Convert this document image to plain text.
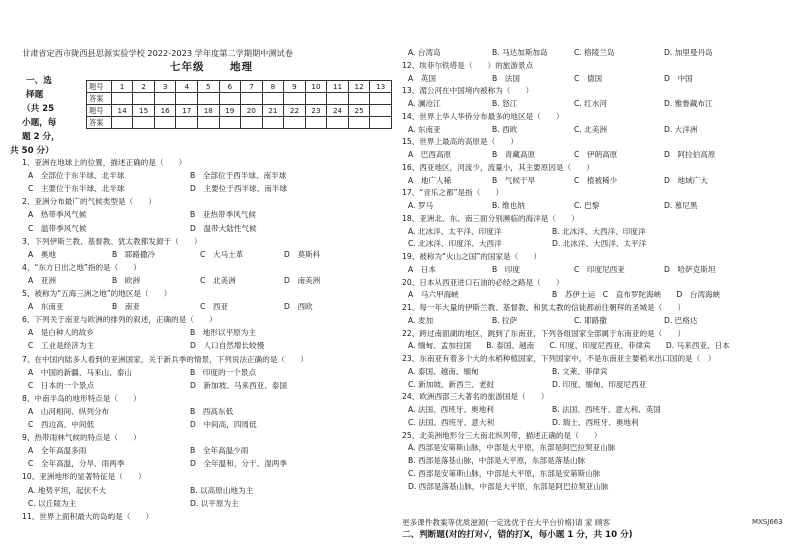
甘肃省定西市陇西县思源实验学校 2022-2023 学年度第二学期期中测试卷
七年级 地理
一、选
择题
（共 25
小题，每
题 2 分，
共 50 分）
题号	1	2	3	4	5	6	7	8	9	10	11	12	13
答案													
题号	14	15	16	17	18	19	20	21	22	23	24	25	
答案													
1、亚洲在地球上的位置，描述正确的是（　　）
A　全部位于东半球、北半球	B　全部位于西半球、南半球
C　主要位于东半球、北半球	D　主要位于西半球、南半球
2、亚洲分布最广的气候类型是（　　）
A　热带季风气候	B　亚热带季风气候
C　温带季风气候	D　温带大陆性气候
3、下列伊斯兰教、基督教、犹太教都发源于（　　）
A　奥地	B　耶路撒冷	C　大马士革	D　莫斯科
4、“东方日出之地”指的是（　　）
A　亚洲	B　欧洲	C　北美洲	D　南美洲
5、被称为“五海三洲之地”的地区是（　　）
A　东南亚	B　南亚	C　西亚	D　西欧
6、下列关于南亚与欧洲的排列的叙述，正确的是（　　）
A　是白种人的故乡	B　地形以平原为主
C　工业是经济为主	D　人口自然增长较慢
7、在中国内陆多人看到的亚洲国家，关于新兵季的情景，下列说法正确的是（　　）
A　中国的新疆、马来山、泰山	B　印度的一个景点
C　日本的一个景点	D　新加坡、马来西亚、泰国
8、中南半岛的地形特点是（　　）
A　山河相间、纵列分布	B　西高东低
C　西边高、中间低	D　中间高，四周低
9、热带雨林气候的特点是（　　）
A　全年高温多雨	B　全年高温少雨
C　全年高温，分旱、雨两季	D　全年温和，分干、湿两季
10、亚洲地形的显著特征是（　　）
A. 地势平坦，起伏不大	B. 以高原山地为主
C. 以丘陵为主	D. 以平原为主
11、世界上面积最大的岛屿是（　　）
A. 台湾岛	B. 马达加斯加岛	C. 格陵兰岛	D. 加里曼丹岛
12、埃菲尔铁塔是（　　）的旅游景点
A　英国	B　法国	C　德国	D　中国
13、湄公河在中国境内被称为（　　）
A. 澜沧江	B. 怒江	C. 红水河	D. 雅鲁藏布江
14、世界上华人华侨分布最多的地区是（　　）
A. 东南亚	B. 西欧	C. 北美洲	D. 大洋洲
15、世界上最高的高原是（　　）
A　巴西高原	B　青藏高原	C　伊朗高原	D　阿拉伯高原
16、西亚地区，河流少，流量小，其主要原因是（　　）
A　地广人稀	B　气候干旱	C　植被稀少	D　地域广大
17、“音乐之都”是指（　　）
A. 罗马	B. 维也纳	C. 巴黎	D. 慕尼黑
18、亚洲北、东、南三面分别濒临的海洋是（　　）
A. 北冰洋、太平洋、印度洋	B. 北冰洋、大西洋、印度洋
C. 北冰洋、印度洋、大西洋	D. 北冰洋、大西洋、太平洋
19、被称为“火山之国”的国家是（　　）
A　日本	B　印度	C　印度尼西亚	D　哈萨克斯坦
20、日本从西亚进口石油的必经之路是（　　）
A　马六甲海峡	B　苏伊士运　C　直布罗陀海峡　　D　台湾海峡
21、每一年大量的伊斯兰教、基督教、和犹太教的信徒都前往朝拜的圣城是（　　）
A. 麦加	B. 拉萨	C. 耶路撒	D. 巴格达
22、跨过南面湖的地区，跳到了东南亚，下列各组国家全部属于东南亚的是（　　）
A. 缅甸、孟加拉国　　B. 泰国、越南　　C. 印度、印度尼西亚、菲律宾　　D. 马来西亚、日本
23、东南亚有着多个大的水稻种植国家，下列国家中，不是东南亚主要稻米出口国的是（　）
A. 泰国、越南、缅甸	B. 文莱、菲律宾
C. 新加坡、新西兰、老挝	D. 印度、缅甸、印度尼西亚
24、欧洲西部三大著名的旅游国是（　　）
A. 法国、西班牙、奥地利	B. 法国、西班牙、意大利、英国
C. 法国、西班牙、意大利	D. 瑞士、西班牙、奥地利
25、北美洲地形分三大南北纵列带，描述正确的是（　　）
A. 西部是安第斯山脉，中部是大平原，东部是阿巴拉契亚山脉
B. 西部是落基山脉，中部是大平原，东部是落基山脉
C. 西部是安第斯山脉，中部是大平原，东部是安第斯山脉
D. 西部是落基山脉，中部是大平原，东部是阿巴拉契亚山脉
更多课件教案等优质滋源(一定选优于在大平台价格)请 家 顾客	MXSJ663
二、判断题(对的打对√，错的打X，每小题 1 分，共 10 分)
